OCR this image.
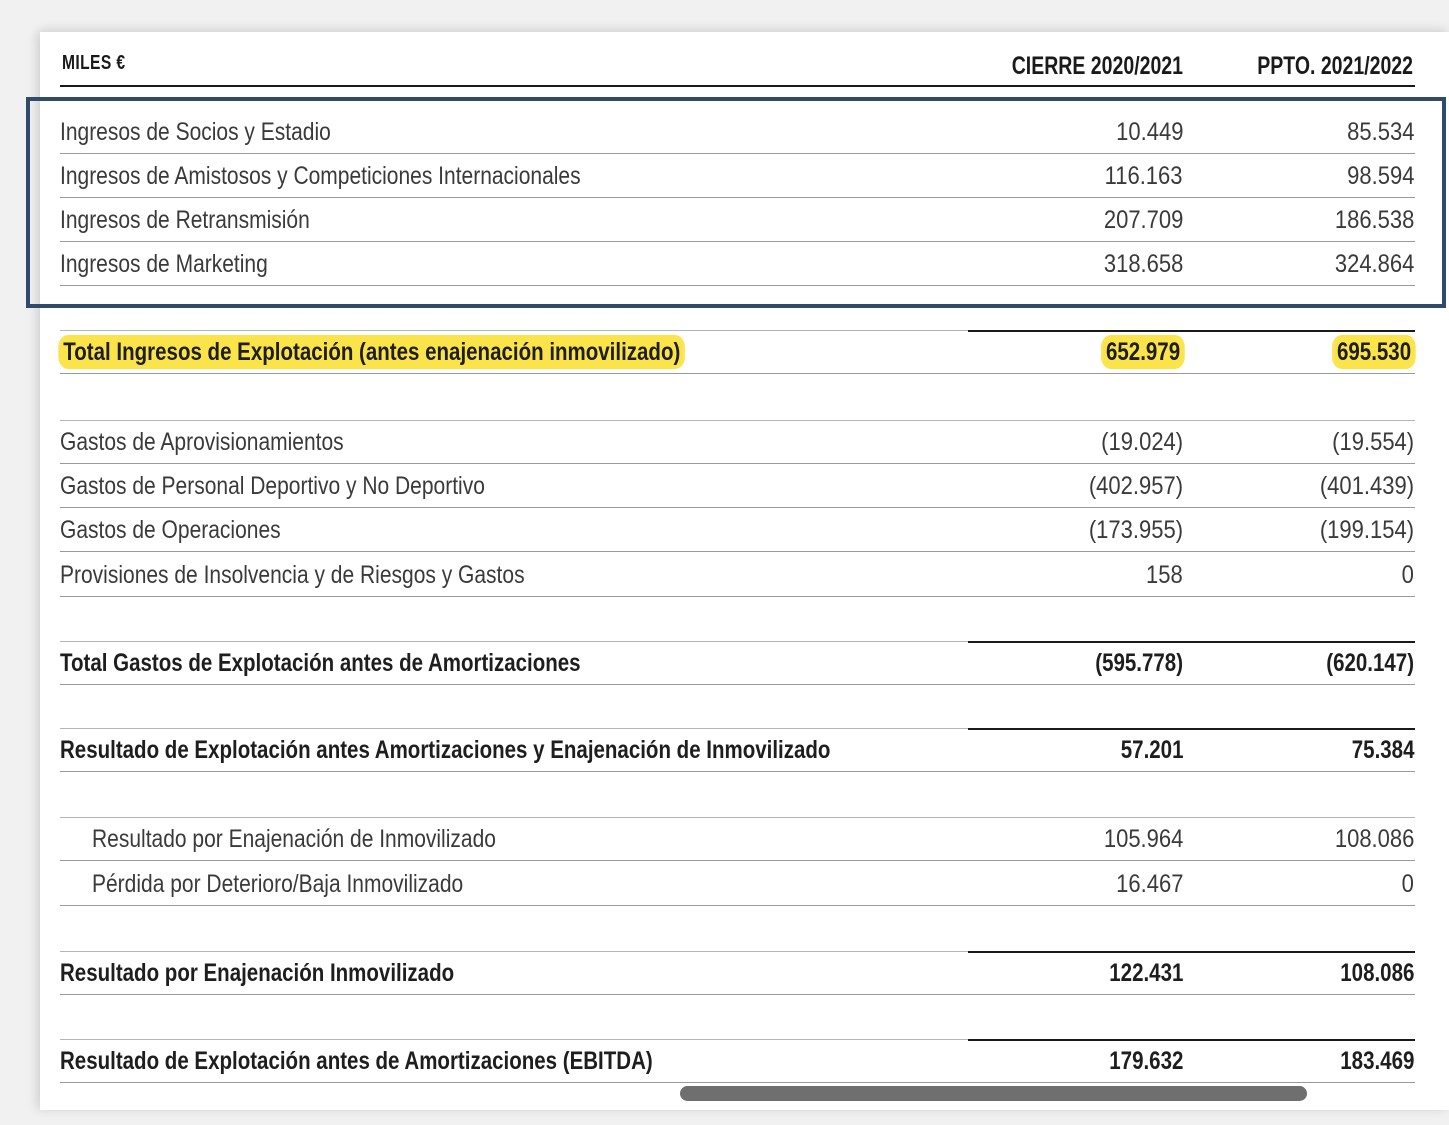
MILES €	CIERRE 2020/2021	PPTO. 2021/2022
Ingresos de Socios y Estadio	10.449	85.534
Ingresos de Amistosos y Competiciones Internacionales	116.163	98.594
Ingresos de Retransmisión	207.709	186.538
Ingresos de Marketing	318.658	324.864
Total Ingresos de Explotación (antes enajenación inmovilizado)	652.979	695.530
Gastos de Aprovisionamientos	(19.024)	(19.554)
Gastos de Personal Deportivo y No Deportivo	(402.957)	(401.439)
Gastos de Operaciones	(173.955)	(199.154)
Provisiones de Insolvencia y de Riesgos y Gastos	158	0
Total Gastos de Explotación antes de Amortizaciones	(595.778)	(620.147)
Resultado de Explotación antes Amortizaciones y Enajenación de Inmovilizado	57.201	75.384
Resultado por Enajenación de Inmovilizado	105.964	108.086
Pérdida por Deterioro/Baja Inmovilizado	16.467	0
Resultado por Enajenación Inmovilizado	122.431	108.086
Resultado de Explotación antes de Amortizaciones (EBITDA)	179.632	183.469
